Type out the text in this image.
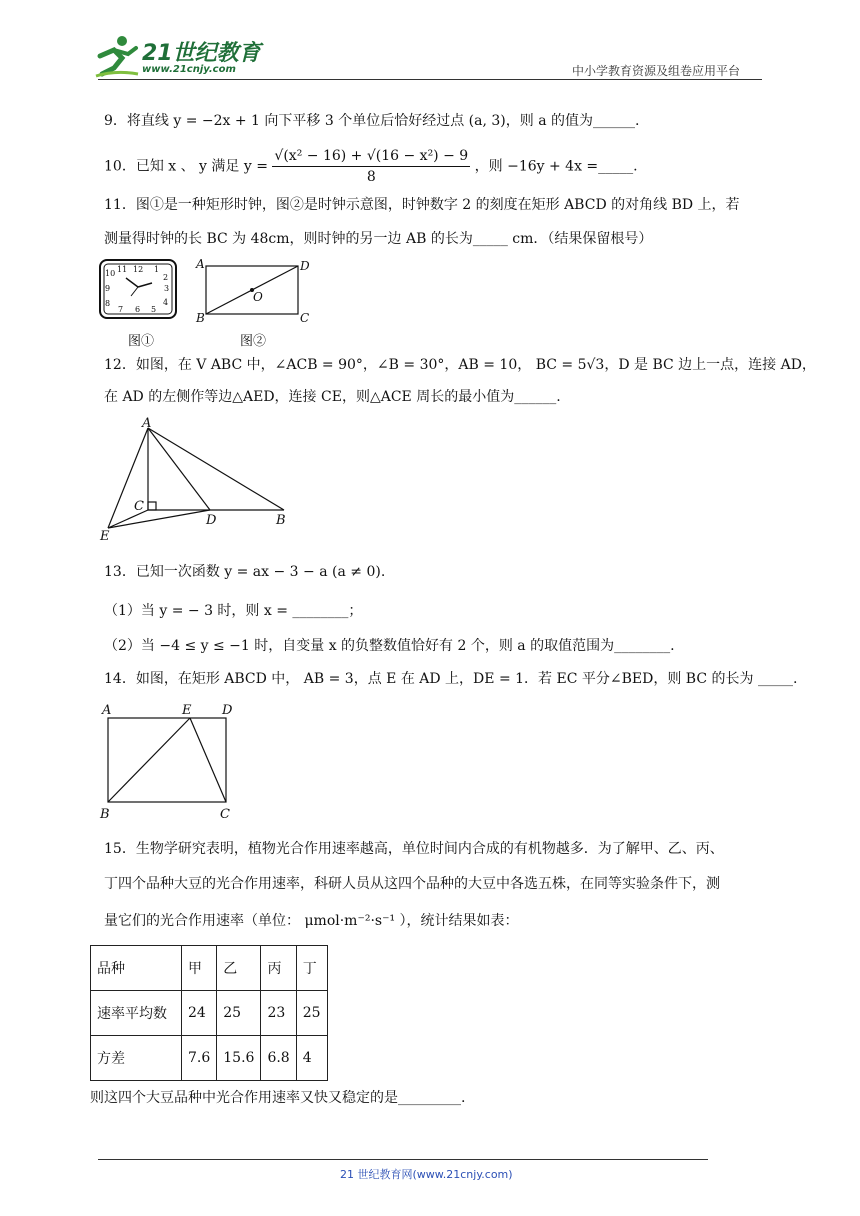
21世纪教育
www.21cnjy.com	中小学教育资源及组卷应用平台
9．将直线 y = −2x + 1 向下平移 3 个单位后恰好经过点 (a, 3)，则 a 的值为______.
10．已知 x 、 y 满足 $y = \frac{\text{√(x² − 16) + √(16 − x²) − 9}}{8}$ ，则 −16y + 4x =_____.
11．图①是一种矩形时钟，图②是时钟示意图，时钟数字 2 的刻度在矩形 ABCD 的对角线 BD 上，若
测量得时钟的长 BC 为 48cm，则时钟的另一边 AB 的长为_____ cm．（结果保留根号）
12 1
2
3
4
5
6
7
8
9
10 11	A	D
B	C
O
图①	图②
12．如图，在 V ABC 中，∠ACB = 90°，∠B = 30°，AB = 10， BC = 5√3，D 是 BC 边上一点，连接 AD，
在 AD 的左侧作等边△AED，连接 CE，则△ACE 周长的最小值为______.
A
C
D	B
E
13．已知一次函数 y = ax − 3 − a (a ≠ 0).
（1）当 y = − 3 时，则 x = ________；
（2）当 −4 ≤ y ≤ −1 时，自变量 x 的负整数值恰好有 2 个，则 a 的取值范围为________.
14．如图，在矩形 ABCD 中， AB = 3，点 E 在 AD 上，DE = 1．若 EC 平分∠BED，则 BC 的长为 _____.
A	E D
B	C
15．生物学研究表明，植物光合作用速率越高，单位时间内合成的有机物越多．为了解甲、乙、丙、
丁四个品种大豆的光合作用速率，科研人员从这四个品种的大豆中各选五株，在同等实验条件下，测
量它们的光合作用速率（单位： μmol·m⁻²·s⁻¹ ），统计结果如表：
品种	甲	乙	丙	丁
速率平均数	24	25	23	25
方差	7.6	15.6	6.8	4
则这四个大豆品种中光合作用速率又快又稳定的是_________.
21 世纪教育网(www.21cnjy.com)
